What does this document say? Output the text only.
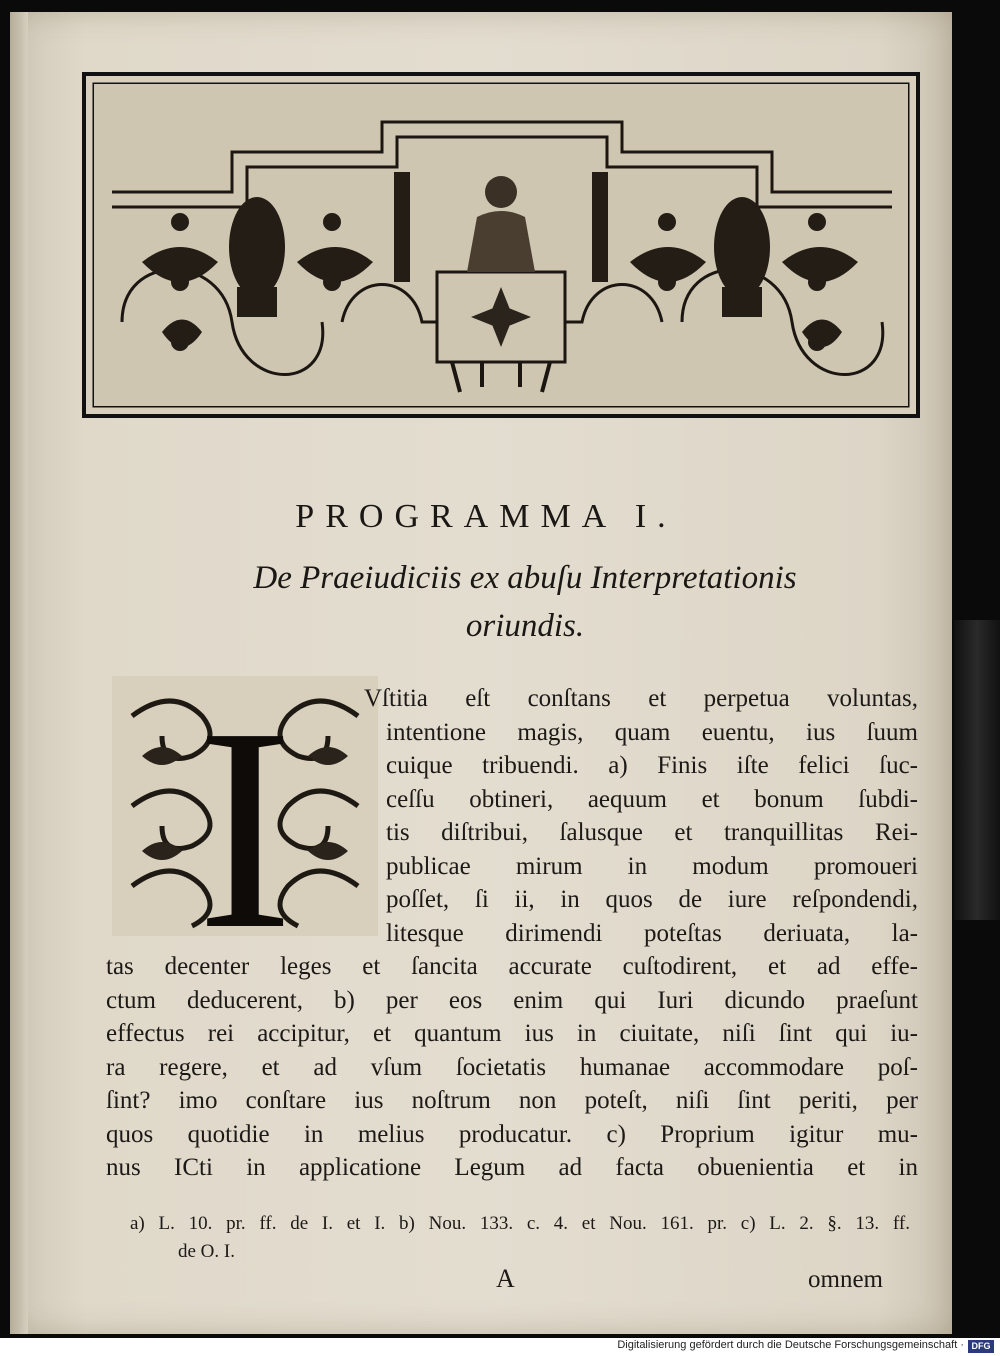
PROGRAMMA I.
De Praeiudiciis ex abuſu Interpretationis
oriundis.
I	Vſtitia eſt conſtans et perpetua voluntas,
intentione magis, quam euentu, ius ſuum
cuique tribuendi. a) Finis iſte felici ſuc-
ceſſu obtineri, aequum et bonum ſubdi-
tis diſtribui, ſalusque et tranquillitas Rei-
publicae mirum in modum promoueri
poſſet, ſi ii, in quos de iure reſpondendi,
litesque dirimendi poteſtas deriuata, la-
tas decenter leges et ſancita accurate cuſtodirent, et ad effe-
ctum deducerent, b) per eos enim qui Iuri dicundo praeſunt
effectus rei accipitur, et quantum ius in ciuitate, niſi ſint qui iu-
ra regere, et ad vſum ſocietatis humanae accommodare poſ-
ſint? imo conſtare ius noſtrum non poteſt, niſi ſint periti, per
quos quotidie in melius producatur. c) Proprium igitur mu-
nus ICti in applicatione Legum ad facta obuenientia et in
a) L. 10. pr. ff. de I. et I. b) Nou. 133. c. 4. et Nou. 161. pr. c) L. 2. §. 13. ff.
de O. I.
A	omnem
Digitalisierung gefördert durch die Deutsche Forschungsgemeinschaft · DFG
